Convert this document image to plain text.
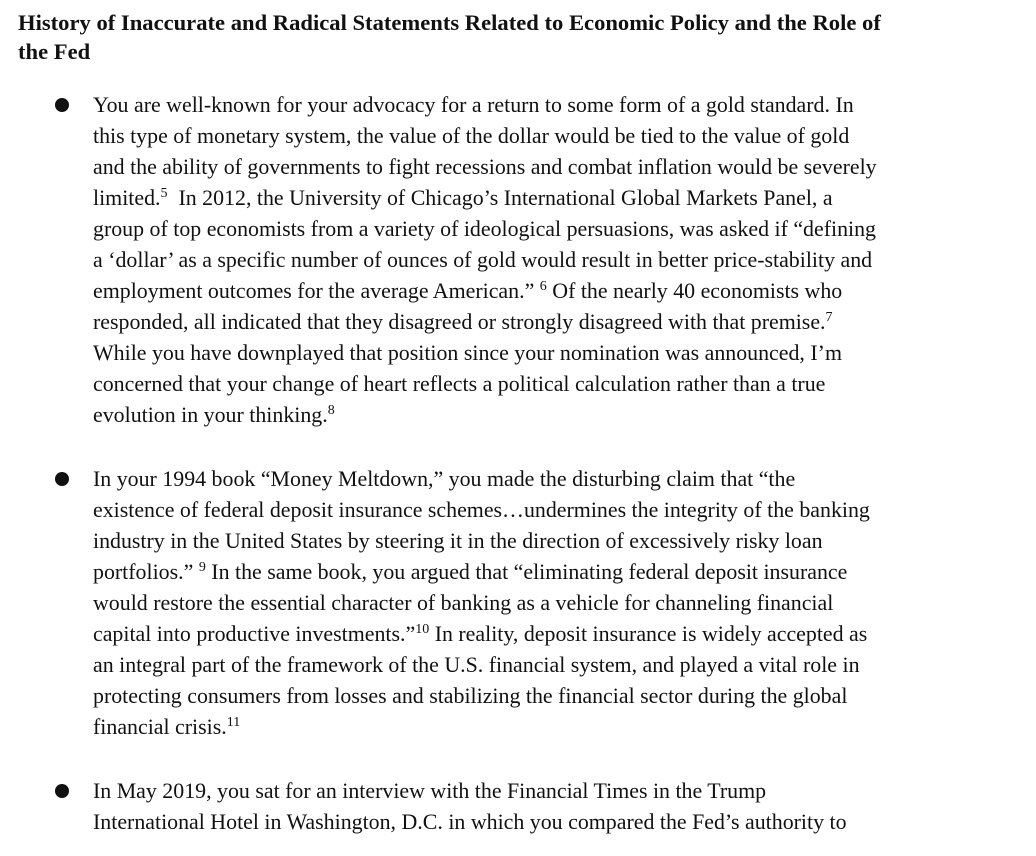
History of Inaccurate and Radical Statements Related to Economic Policy and the Role of
the Fed

You are well-known for your advocacy for a return to some form of a gold standard. In
this type of monetary system, the value of the dollar would be tied to the value of gold
and the ability of governments to fight recessions and combat inflation would be severely
limited.$^5$ In 2012, the University of Chicago’s International Global Markets Panel, a
group of top economists from a variety of ideological persuasions, was asked if “defining
a ‘dollar’ as a specific number of ounces of gold would result in better price-stability and
employment outcomes for the average American.” $^6$ Of the nearly 40 economists who
responded, all indicated that they disagreed or strongly disagreed with that premise.$^7$
While you have downplayed that position since your nomination was announced, I’m
concerned that your change of heart reflects a political calculation rather than a true
evolution in your thinking.$^8$

In your 1994 book “Money Meltdown,” you made the disturbing claim that “the
existence of federal deposit insurance schemes…undermines the integrity of the banking
industry in the United States by steering it in the direction of excessively risky loan
portfolios.” $^9$ In the same book, you argued that “eliminating federal deposit insurance
would restore the essential character of banking as a vehicle for channeling financial
capital into productive investments.”$^{10}$ In reality, deposit insurance is widely accepted as
an integral part of the framework of the U.S. financial system, and played a vital role in
protecting consumers from losses and stabilizing the financial sector during the global
financial crisis.$^{11}$

In May 2019, you sat for an interview with the Financial Times in the Trump
International Hotel in Washington, D.C. in which you compared the Fed’s authority to
